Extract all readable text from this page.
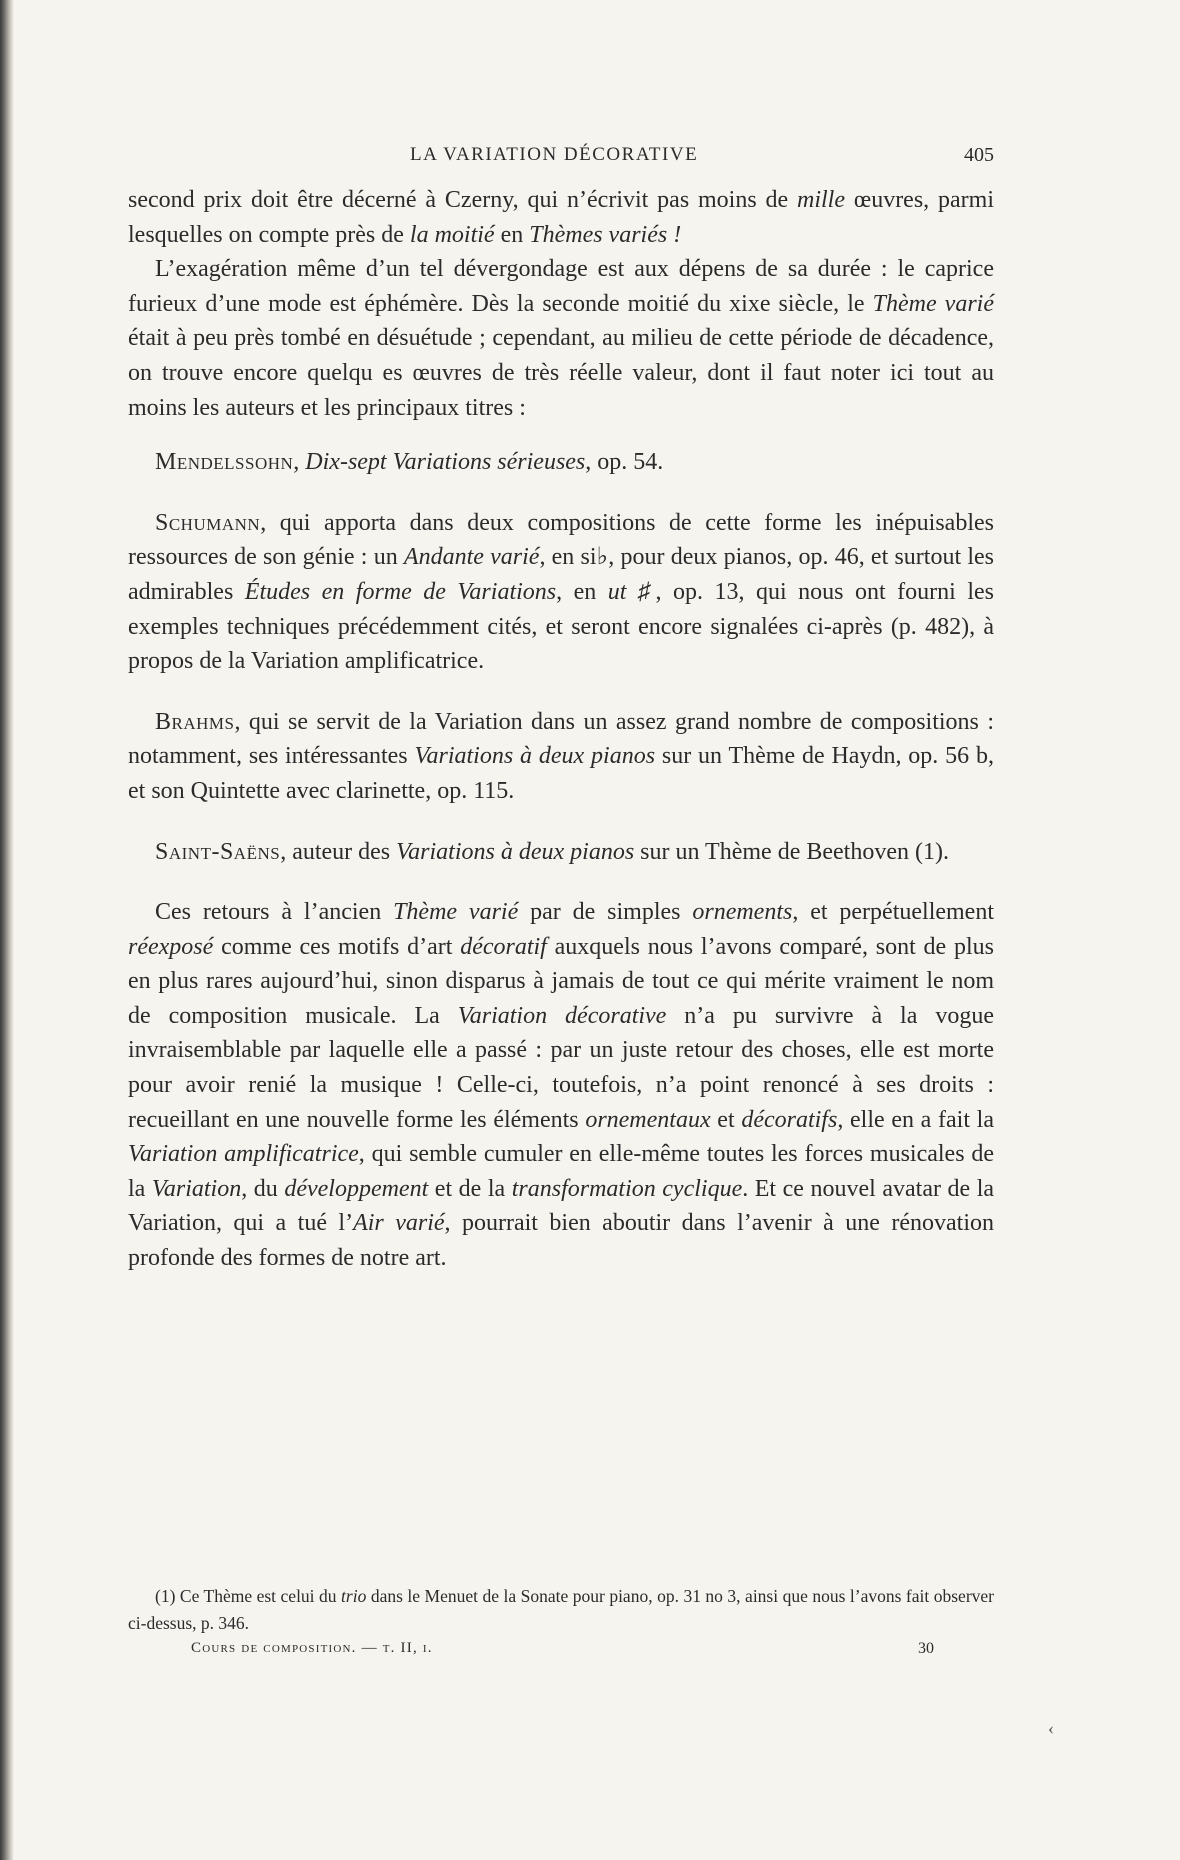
LA VARIATION DÉCORATIVE	405

second prix doit être décerné à Czerny, qui n’écrivit pas moins de mille œuvres, parmi lesquelles on compte près de la moitié en Thèmes variés !

L’exagération même d’un tel dévergondage est aux dépens de sa durée : le caprice furieux d’une mode est éphémère. Dès la seconde moitié du xixe siècle, le Thème varié était à peu près tombé en désuétude ; cependant, au milieu de cette période de décadence, on trouve encore quelqu es œuvres de très réelle valeur, dont il faut noter ici tout au moins les auteurs et les principaux titres :

Mendelssohn, Dix-sept Variations sérieuses, op. 54.

Schumann, qui apporta dans deux compositions de cette forme les inépuisables ressources de son génie : un Andante varié, en si♭, pour deux pianos, op. 46, et surtout les admirables Études en forme de Variations, en ut ♯, op. 13, qui nous ont fourni les exemples techniques précédemment cités, et seront encore signalées ci-après (p. 482), à propos de la Variation amplificatrice.

Brahms, qui se servit de la Variation dans un assez grand nombre de compositions : notamment, ses intéressantes Variations à deux pianos sur un Thème de Haydn, op. 56 b, et son Quintette avec clarinette, op. 115.

Saint-Saëns, auteur des Variations à deux pianos sur un Thème de Beethoven (1).

Ces retours à l’ancien Thème varié par de simples ornements, et perpétuellement réexposé comme ces motifs d’art décoratif auxquels nous l’avons comparé, sont de plus en plus rares aujourd’hui, sinon disparus à jamais de tout ce qui mérite vraiment le nom de composition musicale. La Variation décorative n’a pu survivre à la vogue invraisemblable par laquelle elle a passé : par un juste retour des choses, elle est morte pour avoir renié la musique ! Celle-ci, toutefois, n’a point renoncé à ses droits : recueillant en une nouvelle forme les éléments ornementaux et décoratifs, elle en a fait la Variation amplificatrice, qui semble cumuler en elle-même toutes les forces musicales de la Variation, du développement et de la transformation cyclique. Et ce nouvel avatar de la Variation, qui a tué l’Air varié, pourrait bien aboutir dans l’avenir à une rénovation profonde des formes de notre art.

(1) Ce Thème est celui du trio dans le Menuet de la Sonate pour piano, op. 31 no 3, ainsi que nous l’avons fait observer ci-dessus, p. 346.

Cours de composition. — t. II, i.	30
‹
